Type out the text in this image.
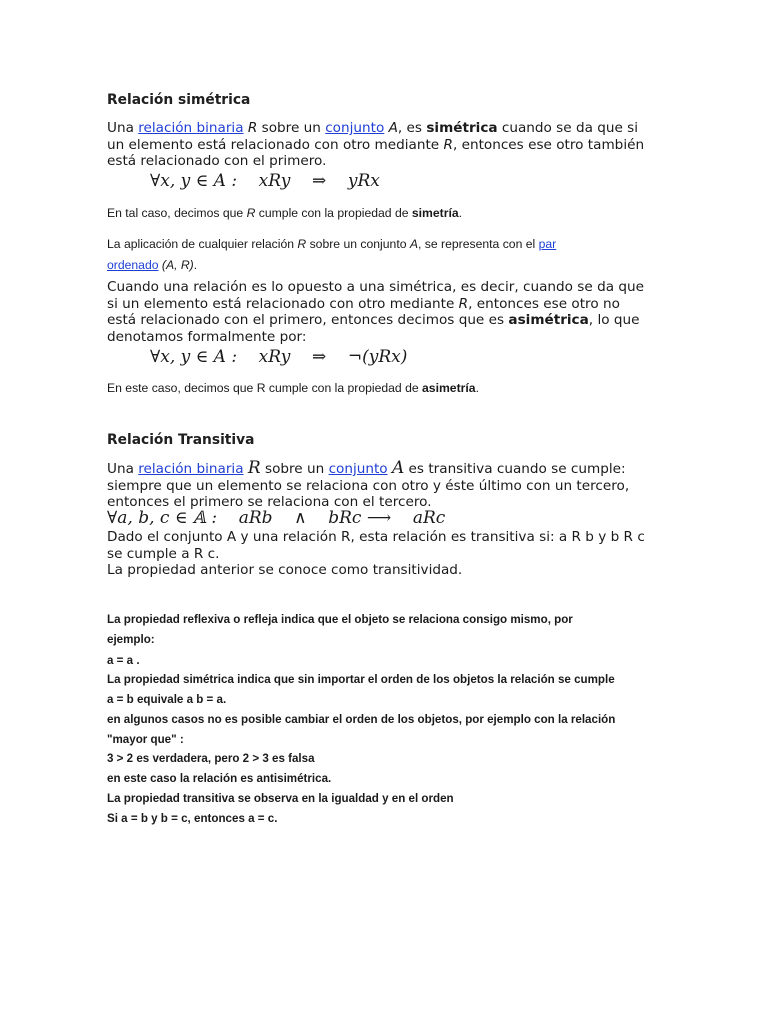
Relación simétrica
Una relación binaria R sobre un conjunto A, es simétrica cuando se da que si un elemento está relacionado con otro mediante R, entonces ese otro también está relacionado con el primero.
∀x, y ∈ A :    xRy    ⇒    yRx
En tal caso, decimos que R cumple con la propiedad de simetría.
La aplicación de cualquier relación R sobre un conjunto A, se representa con el par ordenado (A, R).
Cuando una relación es lo opuesto a una simétrica, es decir, cuando se da que si un elemento está relacionado con otro mediante R, entonces ese otro no está relacionado con el primero, entonces decimos que es asimétrica, lo que denotamos formalmente por:
∀x, y ∈ A :    xRy    ⇒    ¬(yRx)
En este caso, decimos que R cumple con la propiedad de asimetría.
Relación Transitiva
Una relación binaria R sobre un conjunto A es transitiva cuando se cumple: siempre que un elemento se relaciona con otro y éste último con un tercero, entonces el primero se relaciona con el tercero.
∀a, b, c ∈ 𝔸 :    aRb    ∧    bRc ⟶    aRc
Dado el conjunto A y una relación R, esta relación es transitiva si: a R b y b R c se cumple a R c.
La propiedad anterior se conoce como transitividad.
La propiedad reflexiva o refleja indica que el objeto se relaciona consigo mismo, por
ejemplo:
a = a .
La propiedad simétrica indica que sin importar el orden de los objetos la relación se cumple
a = b equivale a b = a.
en algunos casos no es posible cambiar el orden de los objetos, por ejemplo con la relación
"mayor que" :
3 > 2 es verdadera, pero 2 > 3 es falsa
en este caso la relación es antisimétrica.
La propiedad transitiva se observa en la igualdad y en el orden
Si a = b y b = c, entonces a = c.
